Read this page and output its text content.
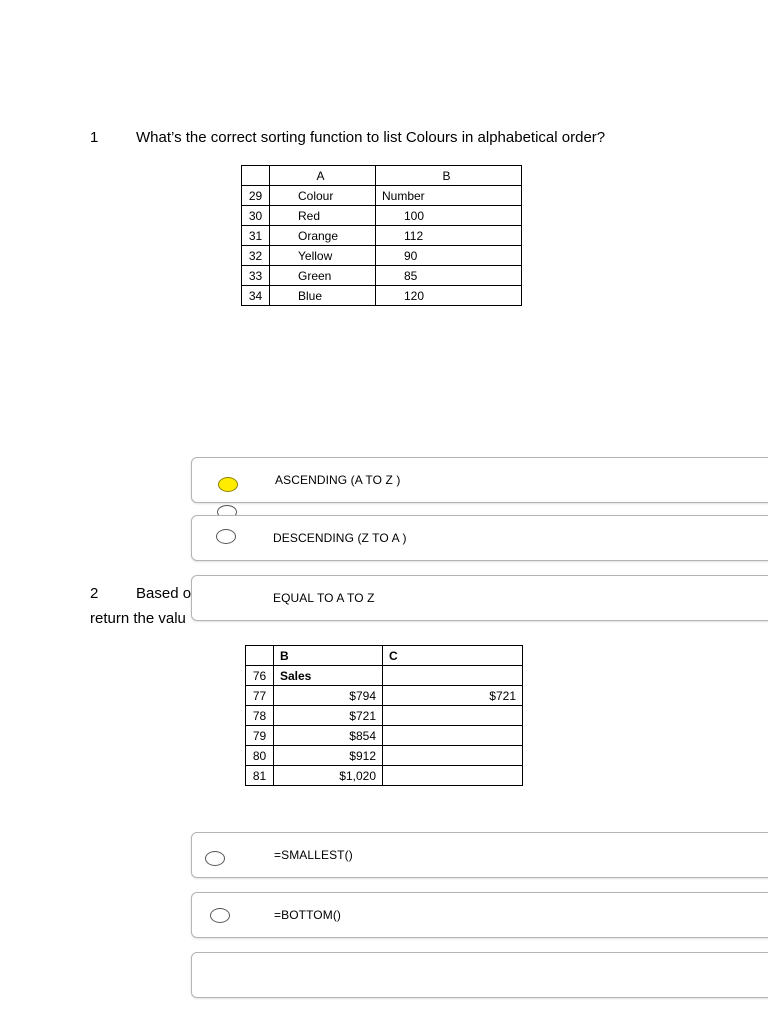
1	What’s the correct sorting function to list Colours in alphabetical order?
	A	B
29	Colour	Number
30	Red	100
31	Orange	112
32	Yellow	90
33	Green	85
34	Blue	120
ASCENDING (A TO Z )
DESCENDING (Z TO A )
2	Based o
return the valu
EQUAL TO A TO Z
	B	C
76	Sales	
77	$794	$721
78	$721	
79	$854	
80	$912	
81	$1,020	
=SMALLEST()
=BOTTOM()
